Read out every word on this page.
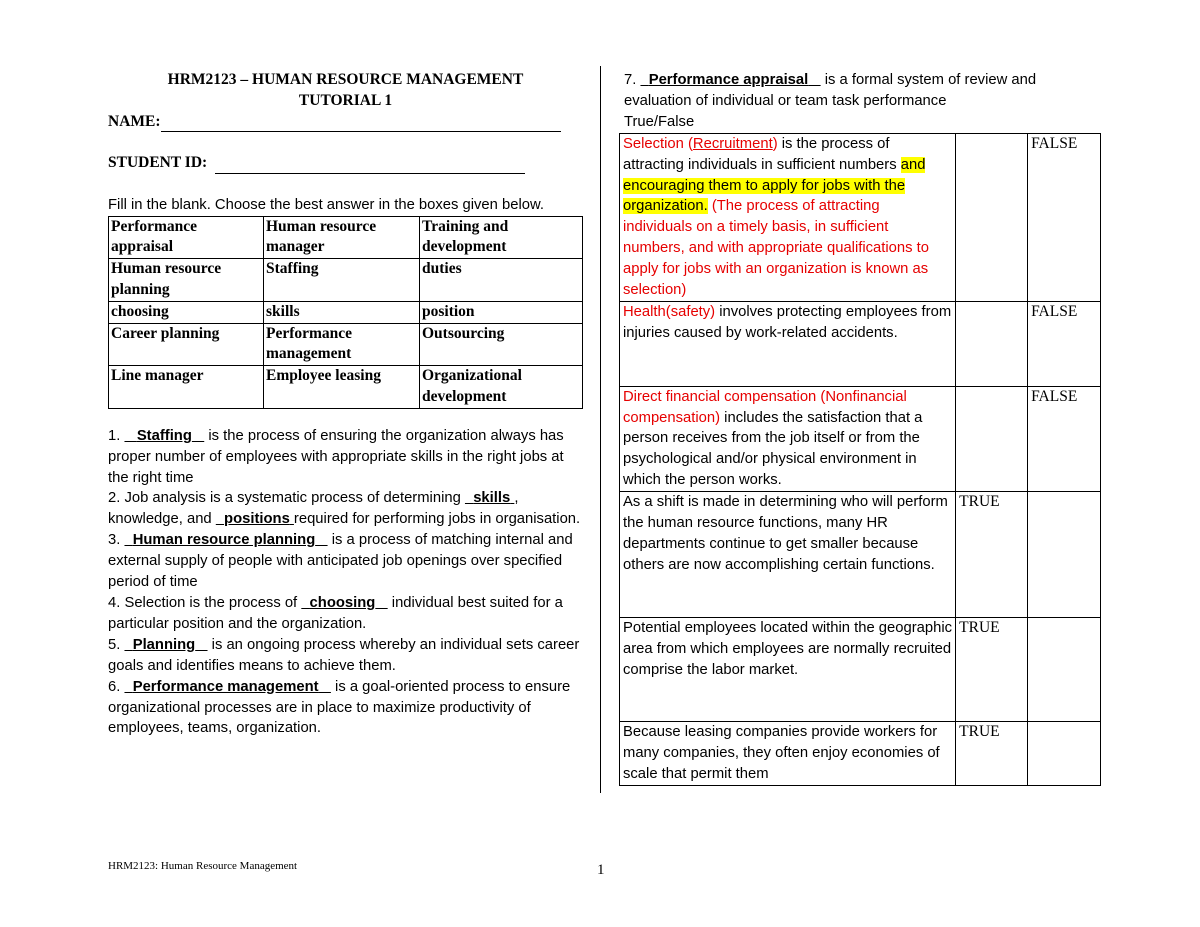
HRM2123 – HUMAN RESOURCE MANAGEMENT
TUTORIAL 1
NAME:
STUDENT ID:
Fill in the blank. Choose the best answer in the boxes given below.
Performance appraisal	Human resource manager	Training and development
Human resource planning	Staffing	duties
choosing	skills	position
Career planning	Performance management	Outsourcing
Line manager	Employee leasing	Organizational development
1. Staffing is the process of ensuring the organization always has proper number of employees with appropriate skills in the right jobs at the right time
2. Job analysis is a systematic process of determining skills , knowledge, and positions required for performing jobs in organisation.
3. Human resource planning is a process of matching internal and external supply of people with anticipated job openings over specified period of time
4. Selection is the process of choosing individual best suited for a particular position and the organization.
5. Planning is an ongoing process whereby an individual sets career goals and identifies means to achieve them.
6. Performance management is a goal-oriented process to ensure organizational processes are in place to maximize productivity of employees, teams, organization.
7. Performance appraisal is a formal system of review and evaluation of individual or team task performance
True/False
Selection (Recruitment) is the process of attracting individuals in sufficient numbers and encouraging them to apply for jobs with the organization. (The process of attracting individuals on a timely basis, in sufficient numbers, and with appropriate qualifications to apply for jobs with an organization is known as selection)		FALSE
Health(safety) involves protecting employees from injuries caused by work-related accidents.		FALSE
Direct financial compensation (Nonfinancial compensation) includes the satisfaction that a person receives from the job itself or from the psychological and/or physical environment in which the person works.		FALSE
As a shift is made in determining who will perform the human resource functions, many HR departments continue to get smaller because others are now accomplishing certain functions.	TRUE	
Potential employees located within the geographic area from which employees are normally recruited comprise the labor market.	TRUE	
Because leasing companies provide workers for many companies, they often enjoy economies of scale that permit them	TRUE	
HRM2123: Human Resource Management	1
